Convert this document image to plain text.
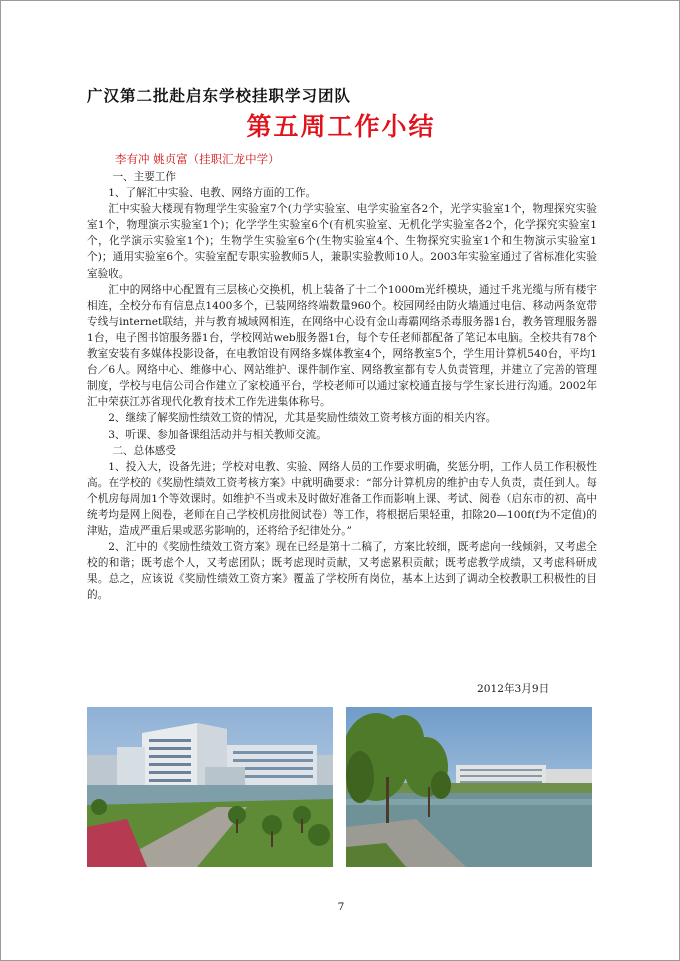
广汉第二批赴启东学校挂职学习团队
第五周工作小结
李有冲 姚贞富（挂职汇龙中学）
一、主要工作

1、了解汇中实验、电教、网络方面的工作。

汇中实验大楼现有物理学生实验室7个(力学实验室、电学实验室各2个，光学实验室1个，物理探究实验室1个，物理演示实验室1个)；化学学生实验室6个(有机实验室、无机化学实验室各2个，化学探究实验室1个，化学演示实验室1个)；生物学生实验室6个(生物实验室4个、生物探究实验室1个和生物演示实验室1个)；通用实验室6个。实验室配专职实验教师5人，兼职实验教师10人。2003年实验室通过了省标准化实验室验收。

汇中的网络中心配置有三层核心交换机，机上装备了十二个1000m光纤模块，通过千兆光缆与所有楼宇相连，全校分布有信息点1400多个，已装网络终端数量960个。校园网经由防火墙通过电信、移动两条宽带专线与internet联结，并与教育城域网相连，在网络中心设有金山毒霸网络杀毒服务器1台，教务管理服务器1台，电子图书馆服务器1台，学校网站web服务器1台，每个专任老师都配备了笔记本电脑。全校共有78个教室安装有多媒体投影设备，在电教馆设有网络多媒体教室4个，网络教室5个，学生用计算机540台，平均1台／6人。网络中心、维修中心、网站维护、课件制作室、网络教室都有专人负责管理，并建立了完善的管理制度，学校与电信公司合作建立了家校通平台，学校老师可以通过家校通直接与学生家长进行沟通。2002年汇中荣获江苏省现代化教育技术工作先进集体称号。

2、继续了解奖励性绩效工资的情况，尤其是奖励性绩效工资考核方面的相关内容。

3、听课、参加备课组活动并与相关教师交流。

二、总体感受

1、投入大，设备先进；学校对电教、实验、网络人员的工作要求明确，奖惩分明，工作人员工作积极性高。在学校的《奖励性绩效工资考核方案》中就明确要求：“部分计算机房的维护由专人负责，责任到人。每个机房每周加1个等效课时。如维护不当或未及时做好准备工作而影响上课、考试、阅卷（启东市的初、高中统考均是网上阅卷，老师在自己学校机房批阅试卷）等工作，将根据后果轻重，扣除20—100f(f为不定值)的津贴，造成严重后果或恶劣影响的，还将给予纪律处分。”

2、汇中的《奖励性绩效工资方案》现在已经是第十二稿了，方案比较细，既考虑向一线倾斜，又考虑全校的和谐；既考虑个人，又考虑团队；既考虑现时贡献，又考虑累积贡献；既考虑教学成绩，又考虑科研成果。总之，应该说《奖励性绩效工资方案》覆盖了学校所有岗位，基本上达到了调动全校教职工积极性的目的。

2012年3月9日
7
